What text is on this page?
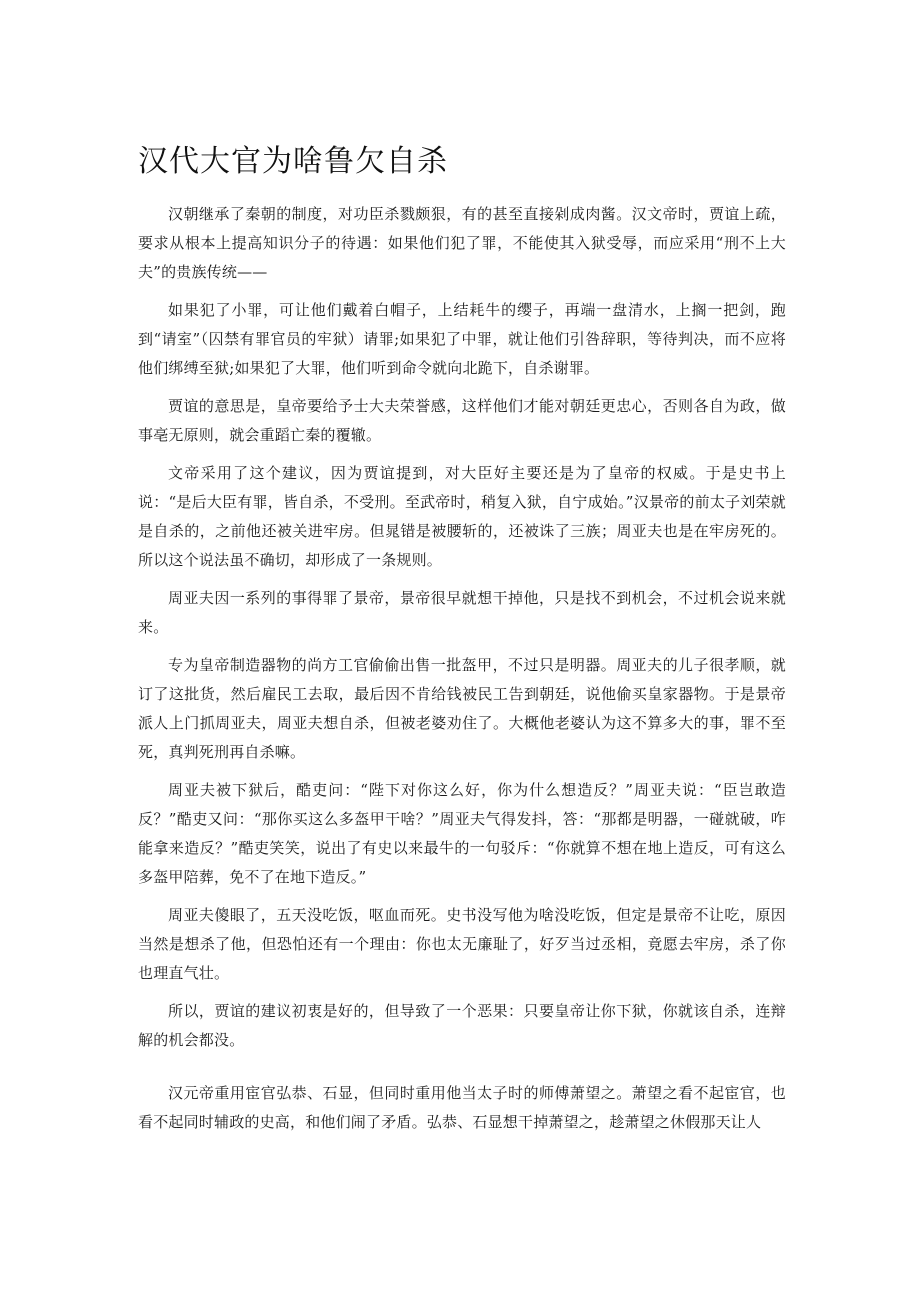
汉代大官为啥鲁欠自杀

汉朝继承了秦朝的制度，对功臣杀戮颇狠，有的甚至直接剁成肉酱。汉文帝时，贾谊上疏，要求从根本上提高知识分子的待遇：如果他们犯了罪，不能使其入狱受辱，而应采用“刑不上大夫”的贵族传统——

如果犯了小罪，可让他们戴着白帽子，上结耗牛的缨子，再端一盘清水，上搁一把剑，跑到“请室”（囚禁有罪官员的牢狱）请罪;如果犯了中罪，就让他们引咎辞职，等待判决，而不应将他们绑缚至狱;如果犯了大罪，他们听到命令就向北跪下，自杀谢罪。

贾谊的意思是，皇帝要给予士大夫荣誉感，这样他们才能对朝廷更忠心，否则各自为政，做事亳无原则，就会重蹈亡秦的覆辙。

文帝采用了这个建议，因为贾谊提到，对大臣好主要还是为了皇帝的权威。于是史书上说：“是后大臣有罪，皆自杀，不受刑。至武帝时，稍复入狱，自宁成始。”汉景帝的前太子刘荣就是自杀的，之前他还被关进牢房。但晁错是被腰斩的，还被诛了三族；周亚夫也是在牢房死的。所以这个说法虽不确切，却形成了一条规则。

周亚夫因一系列的事得罪了景帝，景帝很早就想干掉他，只是找不到机会，不过机会说来就来。

专为皇帝制造器物的尚方工官偷偷出售一批盔甲，不过只是明器。周亚夫的儿子很孝顺，就订了这批货，然后雇民工去取，最后因不肯给钱被民工告到朝廷，说他偷买皇家器物。于是景帝派人上门抓周亚夫，周亚夫想自杀，但被老婆劝住了。大概他老婆认为这不算多大的事，罪不至死，真判死刑再自杀嘛。

周亚夫被下狱后，酷吏问：“陛下对你这么好，你为什么想造反？”周亚夫说：“臣岂敢造反？”酷吏又问：“那你买这么多盔甲干啥？”周亚夫气得发抖，答：“那都是明器，一碰就破，咋能拿来造反？”酷吏笑笑，说出了有史以来最牛的一句驳斥：“你就算不想在地上造反，可有这么多盔甲陪葬，免不了在地下造反。”

周亚夫傻眼了，五天没吃饭，呕血而死。史书没写他为啥没吃饭，但定是景帝不让吃，原因当然是想杀了他，但恐怕还有一个理由：你也太无廉耻了，好歹当过丞相，竟愿去牢房，杀了你也理直气壮。

所以，贾谊的建议初衷是好的，但导致了一个恶果：只要皇帝让你下狱，你就该自杀，连辩解的机会都没。

汉元帝重用宦官弘恭、石显，但同时重用他当太子时的师傅萧望之。萧望之看不起宦官，也看不起同时辅政的史高，和他们闹了矛盾。弘恭、石显想干掉萧望之，趁萧望之休假那天让人
